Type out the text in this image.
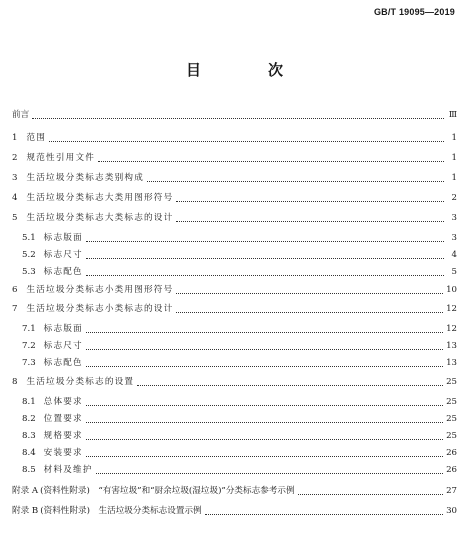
GB/T 19095—2019
目　次
前言	Ⅲ
1 范围	1
2 规范性引用文件	1
3 生活垃圾分类标志类别构成	1
4 生活垃圾分类标志大类用图形符号	2
5 生活垃圾分类标志大类标志的设计	3
5.1 标志版面	3
5.2 标志尺寸	4
5.3 标志配色	5
6 生活垃圾分类标志小类用图形符号	10
7 生活垃圾分类标志小类标志的设计	12
7.1 标志版面	12
7.2 标志尺寸	13
7.3 标志配色	13
8 生活垃圾分类标志的设置	25
8.1 总体要求	25
8.2 位置要求	25
8.3 规格要求	25
8.4 安装要求	26
8.5 材料及维护	26
附录 A (资料性附录)　“有害垃圾”和“厨余垃圾(湿垃圾)”分类标志参考示例	27
附录 B (资料性附录)　生活垃圾分类标志设置示例	30
